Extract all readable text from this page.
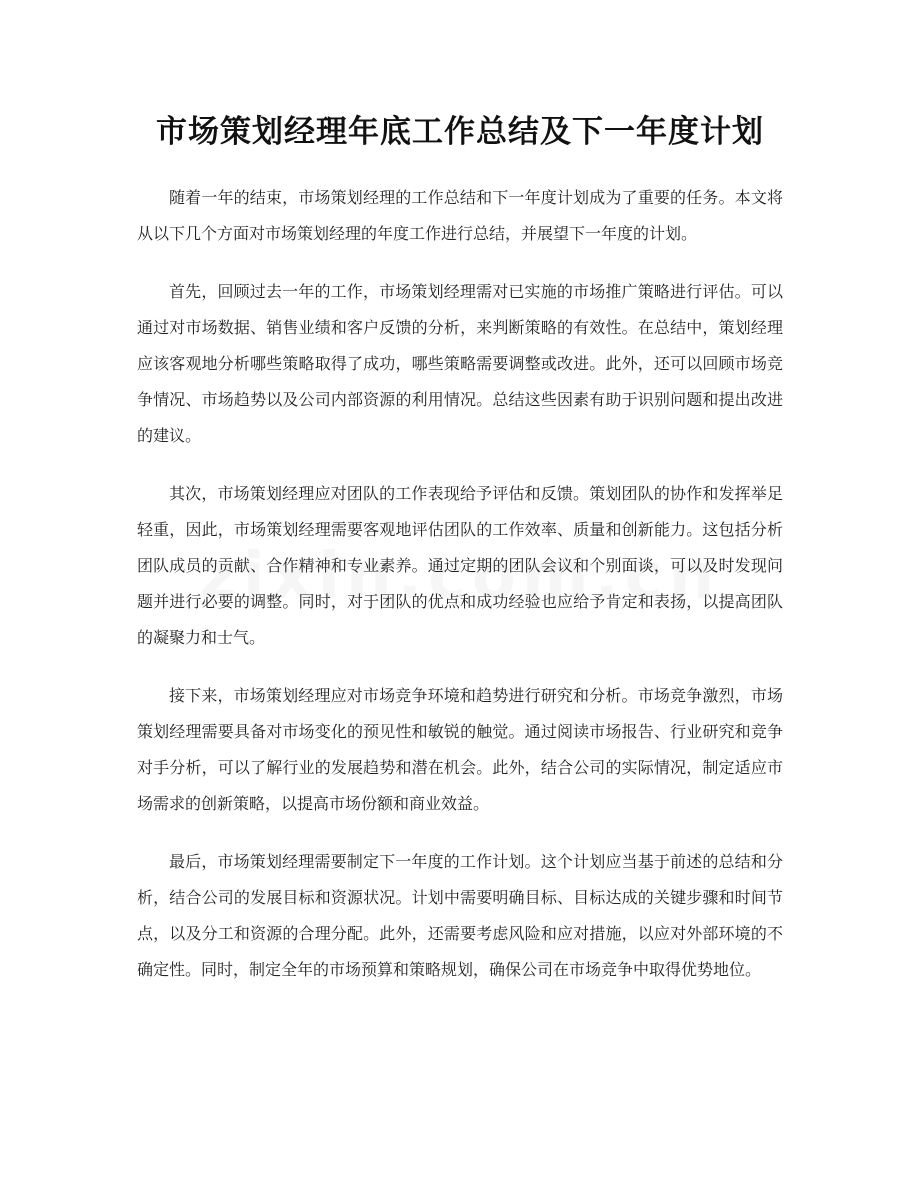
市场策划经理年底工作总结及下一年度计划

随着一年的结束，市场策划经理的工作总结和下一年度计划成为了重要的任务。本文将从以下几个方面对市场策划经理的年度工作进行总结，并展望下一年度的计划。

首先，回顾过去一年的工作，市场策划经理需对已实施的市场推广策略进行评估。可以通过对市场数据、销售业绩和客户反馈的分析，来判断策略的有效性。在总结中，策划经理应该客观地分析哪些策略取得了成功，哪些策略需要调整或改进。此外，还可以回顾市场竞争情况、市场趋势以及公司内部资源的利用情况。总结这些因素有助于识别问题和提出改进的建议。

其次，市场策划经理应对团队的工作表现给予评估和反馈。策划团队的协作和发挥举足轻重，因此，市场策划经理需要客观地评估团队的工作效率、质量和创新能力。这包括分析团队成员的贡献、合作精神和专业素养。通过定期的团队会议和个别面谈，可以及时发现问题并进行必要的调整。同时，对于团队的优点和成功经验也应给予肯定和表扬，以提高团队的凝聚力和士气。

接下来，市场策划经理应对市场竞争环境和趋势进行研究和分析。市场竞争激烈，市场策划经理需要具备对市场变化的预见性和敏锐的触觉。通过阅读市场报告、行业研究和竞争对手分析，可以了解行业的发展趋势和潜在机会。此外，结合公司的实际情况，制定适应市场需求的创新策略，以提高市场份额和商业效益。

最后，市场策划经理需要制定下一年度的工作计划。这个计划应当基于前述的总结和分析，结合公司的发展目标和资源状况。计划中需要明确目标、目标达成的关键步骤和时间节点，以及分工和资源的合理分配。此外，还需要考虑风险和应对措施，以应对外部环境的不确定性。同时，制定全年的市场预算和策略规划，确保公司在市场竞争中取得优势地位。
